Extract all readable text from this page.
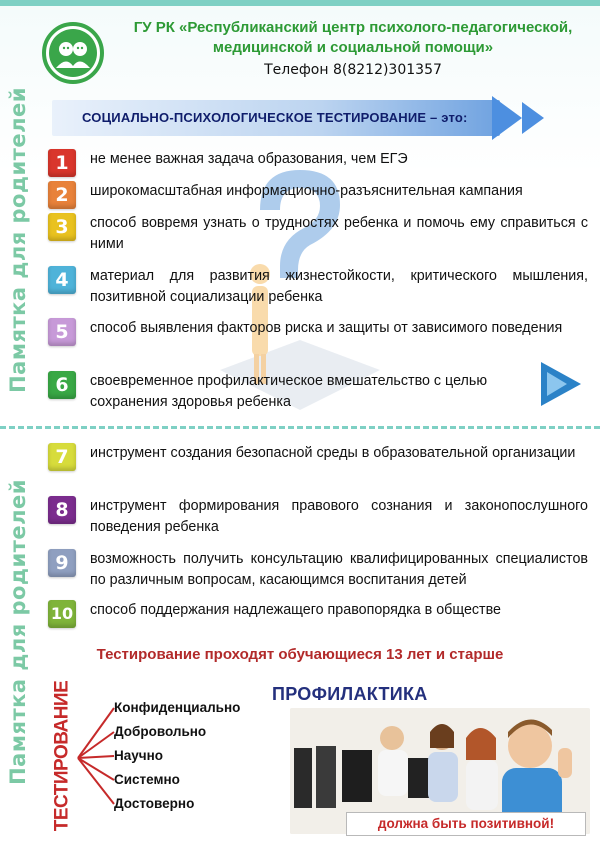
Памятка для родителей
Памятка для родителей
ГУ РК «Республиканский центр психолого-педагогической,
медицинской и социальной помощи»
Телефон 8(8212)301357
СОЦИАЛЬНО-ПСИХОЛОГИЧЕСКОЕ ТЕСТИРОВАНИЕ – это:
1	не менее важная задача образования, чем ЕГЭ
2	широкомасштабная информационно-разъяснительная кампания
3	способ вовремя узнать о трудностях ребенка и помочь ему справиться с ними
4	материал для развития жизнестойкости, критического мышления, позитивной социализации ребенка
5	способ выявления факторов риска и защиты от зависимого поведения
6	своевременное профилактическое вмешательство с целью сохранения здоровья ребенка
7	инструмент создания безопасной среды в образовательной организации
8	инструмент формирования правового сознания и законопослушного поведения ребенка
9	возможность получить консультацию квалифицированных специалистов по различным вопросам, касающимся воспитания детей
10 способ поддержания надлежащего правопорядка в обществе
Тестирование проходят обучающиеся 13 лет и старше
ТЕСТИРОВАНИЕ	Конфиденциально
Добровольно
Научно
Системно
Достоверно
ПРОФИЛАКТИКА
должна быть позитивной!
